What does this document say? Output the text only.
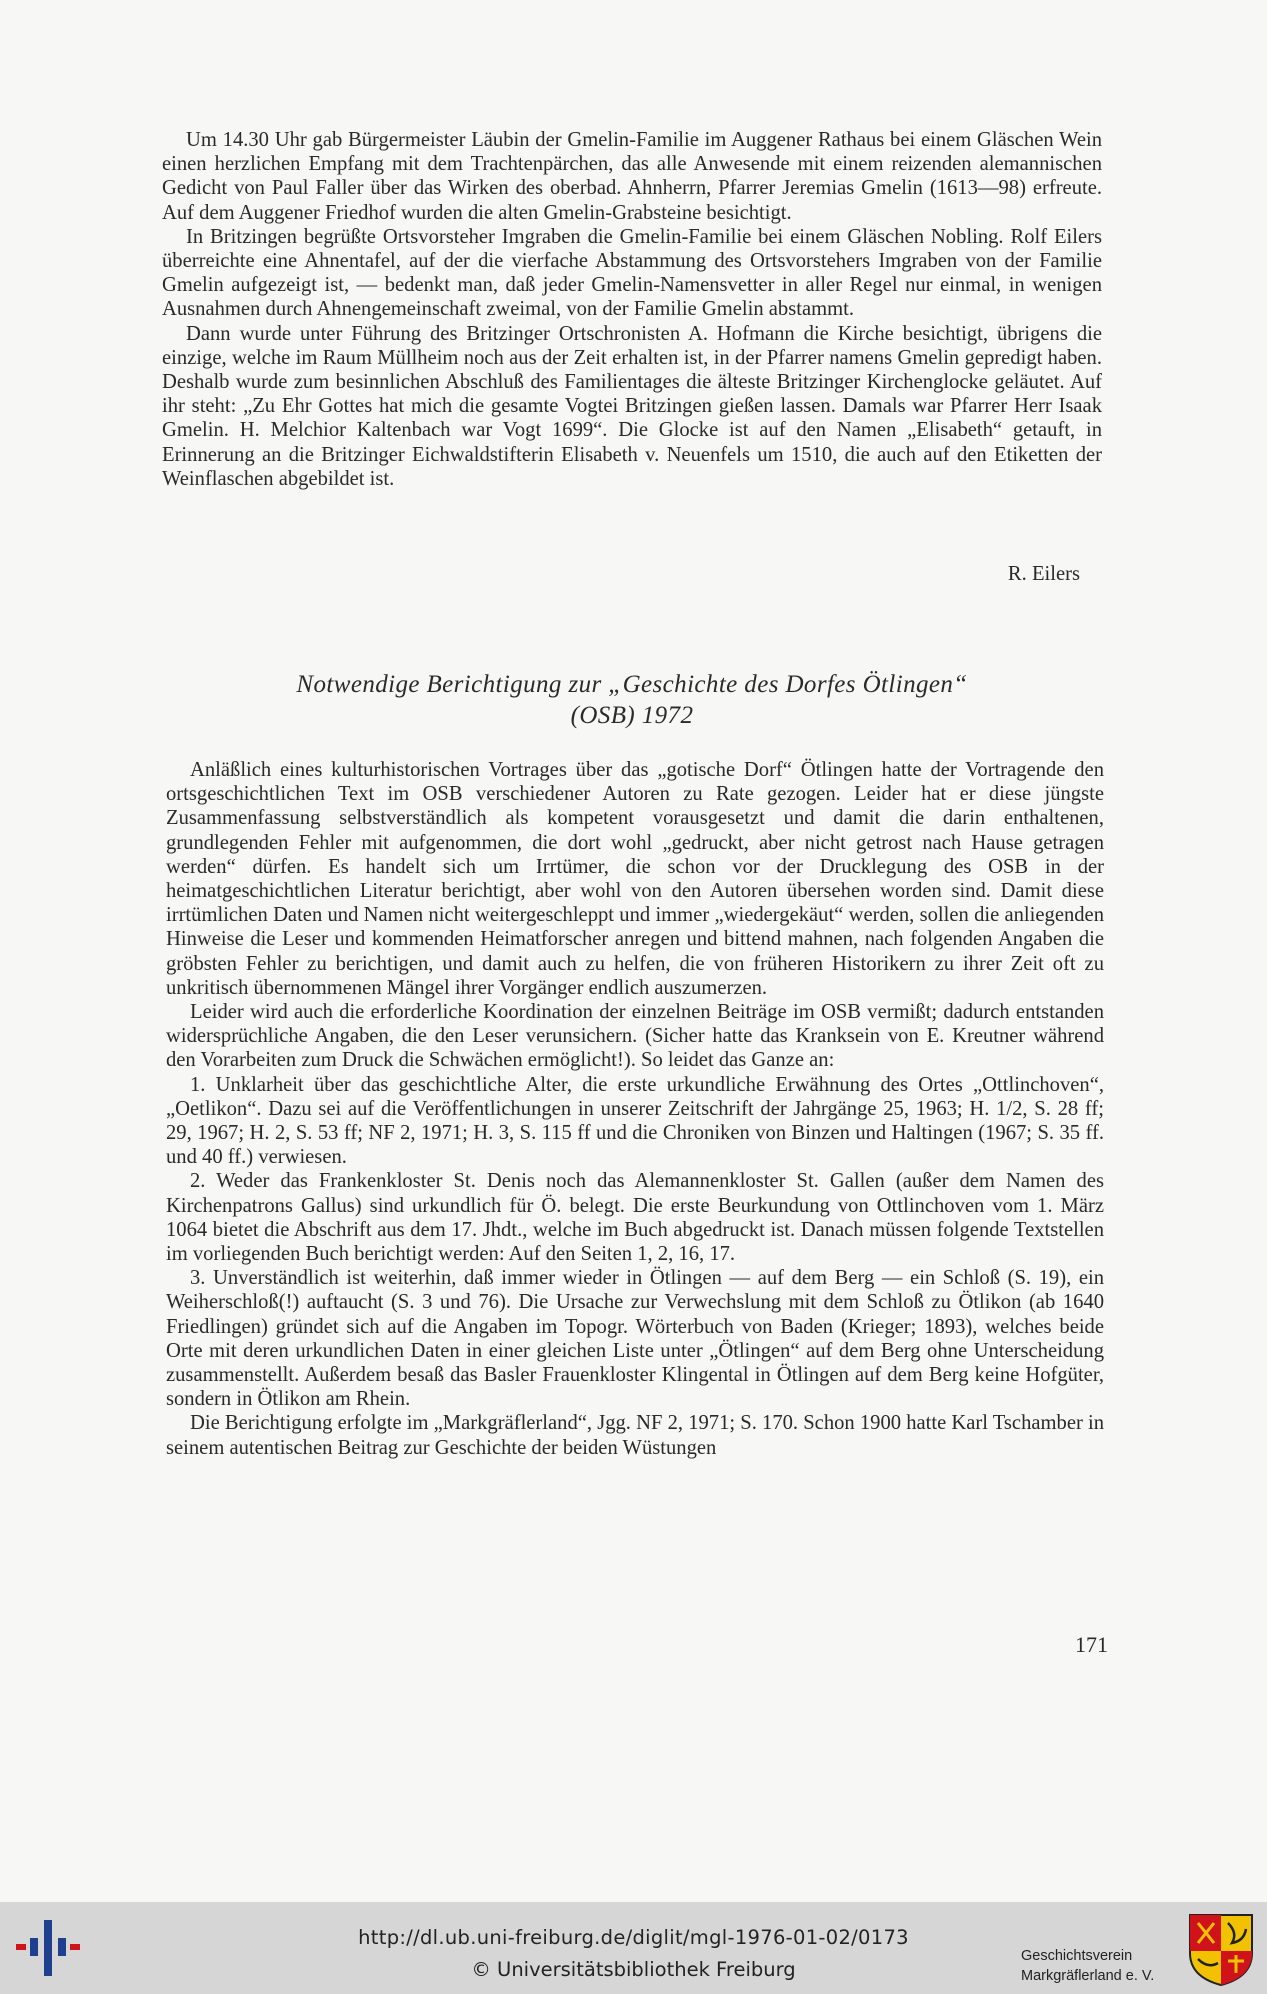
Um 14.30 Uhr gab Bürgermeister Läubin der Gmelin-Familie im Auggener Rathaus bei einem Gläschen Wein einen herzlichen Empfang mit dem Trachtenpärchen, das alle Anwesende mit einem reizenden alemannischen Gedicht von Paul Faller über das Wirken des oberbad. Ahnherrn, Pfarrer Jeremias Gmelin (1613—98) erfreute. Auf dem Auggener Friedhof wurden die alten Gmelin-Grabsteine besichtigt.

In Britzingen begrüßte Ortsvorsteher Imgraben die Gmelin-Familie bei einem Gläschen Nobling. Rolf Eilers überreichte eine Ahnentafel, auf der die vierfache Abstammung des Ortsvorstehers Imgraben von der Familie Gmelin aufgezeigt ist, — bedenkt man, daß jeder Gmelin-Namensvetter in aller Regel nur einmal, in wenigen Ausnahmen durch Ahnengemeinschaft zweimal, von der Familie Gmelin abstammt.

Dann wurde unter Führung des Britzinger Ortschronisten A. Hofmann die Kirche besichtigt, übrigens die einzige, welche im Raum Müllheim noch aus der Zeit erhalten ist, in der Pfarrer namens Gmelin gepredigt haben. Deshalb wurde zum besinnlichen Abschluß des Familientages die älteste Britzinger Kirchenglocke geläutet. Auf ihr steht: „Zu Ehr Gottes hat mich die gesamte Vogtei Britzingen gießen lassen. Damals war Pfarrer Herr Isaak Gmelin. H. Melchior Kaltenbach war Vogt 1699“. Die Glocke ist auf den Namen „Elisabeth“ getauft, in Erinnerung an die Britzinger Eichwaldstifterin Elisabeth v. Neuenfels um 1510, die auch auf den Etiketten der Weinflaschen abgebildet ist.

R. Eilers
Notwendige Berichtigung zur „Geschichte des Dorfes Ötlingen“
(OSB) 1972

Anläßlich eines kulturhistorischen Vortrages über das „gotische Dorf“ Ötlingen hatte der Vortragende den ortsgeschichtlichen Text im OSB verschiedener Autoren zu Rate gezogen. Leider hat er diese jüngste Zusammenfassung selbstverständlich als kompetent vorausgesetzt und damit die darin enthaltenen, grundlegenden Fehler mit aufgenommen, die dort wohl „gedruckt, aber nicht getrost nach Hause getragen werden“ dürfen. Es handelt sich um Irrtümer, die schon vor der Drucklegung des OSB in der heimatgeschichtlichen Literatur berichtigt, aber wohl von den Autoren übersehen worden sind. Damit diese irrtümlichen Daten und Namen nicht weitergeschleppt und immer „wiedergekäut“ werden, sollen die anliegenden Hinweise die Leser und kommenden Heimatforscher anregen und bittend mahnen, nach folgenden Angaben die gröbsten Fehler zu berichtigen, und damit auch zu helfen, die von früheren Historikern zu ihrer Zeit oft zu unkritisch übernommenen Mängel ihrer Vorgänger endlich auszumerzen.

Leider wird auch die erforderliche Koordination der einzelnen Beiträge im OSB vermißt; dadurch entstanden widersprüchliche Angaben, die den Leser verunsichern. (Sicher hatte das Kranksein von E. Kreutner während den Vorarbeiten zum Druck die Schwächen ermöglicht!). So leidet das Ganze an:

1. Unklarheit über das geschichtliche Alter, die erste urkundliche Erwähnung des Ortes „Ottlinchoven“, „Oetlikon“. Dazu sei auf die Veröffentlichungen in unserer Zeitschrift der Jahrgänge 25, 1963; H. 1/2, S. 28 ff; 29, 1967; H. 2, S. 53 ff; NF 2, 1971; H. 3, S. 115 ff und die Chroniken von Binzen und Haltingen (1967; S. 35 ff. und 40 ff.) verwiesen.

2. Weder das Frankenkloster St. Denis noch das Alemannenkloster St. Gallen (außer dem Namen des Kirchenpatrons Gallus) sind urkundlich für Ö. belegt. Die erste Beurkundung von Ottlinchoven vom 1. März 1064 bietet die Abschrift aus dem 17. Jhdt., welche im Buch abgedruckt ist. Danach müssen folgende Textstellen im vorliegenden Buch berichtigt werden: Auf den Seiten 1, 2, 16, 17.

3. Unverständlich ist weiterhin, daß immer wieder in Ötlingen — auf dem Berg — ein Schloß (S. 19), ein Weiherschloß(!) auftaucht (S. 3 und 76). Die Ursache zur Verwechslung mit dem Schloß zu Ötlikon (ab 1640 Friedlingen) gründet sich auf die Angaben im Topogr. Wörterbuch von Baden (Krieger; 1893), welches beide Orte mit deren urkundlichen Daten in einer gleichen Liste unter „Ötlingen“ auf dem Berg ohne Unterscheidung zusammenstellt. Außerdem besaß das Basler Frauenkloster Klingental in Ötlingen auf dem Berg keine Hofgüter, sondern in Ötlikon am Rhein.

Die Berichtigung erfolgte im „Markgräflerland“, Jgg. NF 2, 1971; S. 170. Schon 1900 hatte Karl Tschamber in seinem autentischen Beitrag zur Geschichte der beiden Wüstungen

171
http://dl.ub.uni-freiburg.de/diglit/mgl-1976-01-02/0173
© Universitätsbibliothek Freiburg
Geschichtsverein
Markgräflerland e. V.
